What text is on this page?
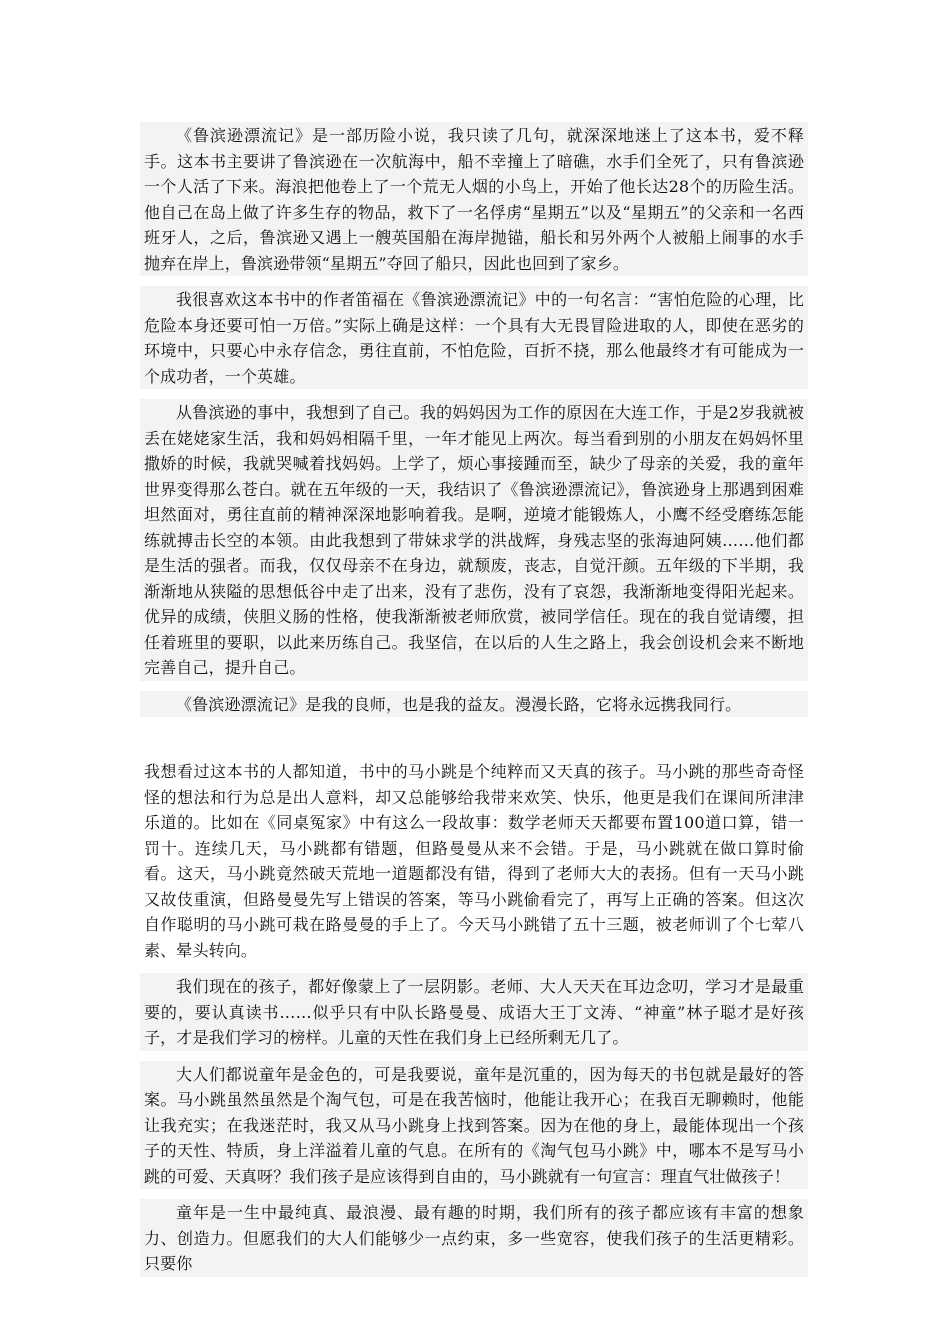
《鲁滨逊漂流记》是一部历险小说，我只读了几句，就深深地迷上了这本书，爱不释手。这本书主要讲了鲁滨逊在一次航海中，船不幸撞上了暗礁，水手们全死了，只有鲁滨逊一个人活了下来。海浪把他卷上了一个荒无人烟的小鸟上，开始了他长达28个的历险生活。他自己在岛上做了许多生存的物品，救下了一名俘虏“星期五”以及“星期五”的父亲和一名西班牙人，之后，鲁滨逊又遇上一艘英国船在海岸抛锚，船长和另外两个人被船上闹事的水手抛弃在岸上，鲁滨逊带领“星期五”夺回了船只，因此也回到了家乡。

我很喜欢这本书中的作者笛福在《鲁滨逊漂流记》中的一句名言：“害怕危险的心理，比危险本身还要可怕一万倍。”实际上确是这样：一个具有大无畏冒险进取的人，即使在恶劣的环境中，只要心中永存信念，勇往直前，不怕危险，百折不挠，那么他最终才有可能成为一个成功者，一个英雄。

从鲁滨逊的事中，我想到了自己。我的妈妈因为工作的原因在大连工作，于是2岁我就被丢在姥姥家生活，我和妈妈相隔千里，一年才能见上两次。每当看到别的小朋友在妈妈怀里撒娇的时候，我就哭喊着找妈妈。上学了，烦心事接踵而至，缺少了母亲的关爱，我的童年世界变得那么苍白。就在五年级的一天，我结识了《鲁滨逊漂流记》，鲁滨逊身上那遇到困难坦然面对，勇往直前的精神深深地影响着我。是啊，逆境才能锻炼人，小鹰不经受磨练怎能练就搏击长空的本领。由此我想到了带妹求学的洪战辉，身残志坚的张海迪阿姨……他们都是生活的强者。而我，仅仅母亲不在身边，就颓废，丧志，自觉汗颜。五年级的下半期，我渐渐地从狭隘的思想低谷中走了出来，没有了悲伤，没有了哀怨，我渐渐地变得阳光起来。优异的成绩，侠胆义肠的性格，使我渐渐被老师欣赏，被同学信任。现在的我自觉请缨，担任着班里的要职，以此来历练自己。我坚信，在以后的人生之路上，我会创设机会来不断地完善自己，提升自己。

《鲁滨逊漂流记》是我的良师，也是我的益友。漫漫长路，它将永远携我同行。

我想看过这本书的人都知道，书中的马小跳是个纯粹而又天真的孩子。马小跳的那些奇奇怪怪的想法和行为总是出人意料，却又总能够给我带来欢笑、快乐，他更是我们在课间所津津乐道的。比如在《同桌冤家》中有这么一段故事：数学老师天天都要布置100道口算，错一罚十。连续几天，马小跳都有错题，但路曼曼从来不会错。于是，马小跳就在做口算时偷看。这天，马小跳竟然破天荒地一道题都没有错，得到了老师大大的表扬。但有一天马小跳又故伎重演，但路曼曼先写上错误的答案，等马小跳偷看完了，再写上正确的答案。但这次自作聪明的马小跳可栽在路曼曼的手上了。今天马小跳错了五十三题，被老师训了个七荤八素、晕头转向。

我们现在的孩子，都好像蒙上了一层阴影。老师、大人天天在耳边念叨，学习才是最重要的，要认真读书……似乎只有中队长路曼曼、成语大王丁文涛、“神童”林子聪才是好孩子，才是我们学习的榜样。儿童的天性在我们身上已经所剩无几了。

大人们都说童年是金色的，可是我要说，童年是沉重的，因为每天的书包就是最好的答案。马小跳虽然虽然是个淘气包，可是在我苦恼时，他能让我开心；在我百无聊赖时，他能让我充实；在我迷茫时，我又从马小跳身上找到答案。因为在他的身上，最能体现出一个孩子的天性、特质，身上洋溢着儿童的气息。在所有的《淘气包马小跳》中，哪本不是写马小跳的可爱、天真呀？我们孩子是应该得到自由的，马小跳就有一句宣言：理直气壮做孩子！

童年是一生中最纯真、最浪漫、最有趣的时期，我们所有的孩子都应该有丰富的想象力、创造力。但愿我们的大人们能够少一点约束，多一些宽容，使我们孩子的生活更精彩。只要你
